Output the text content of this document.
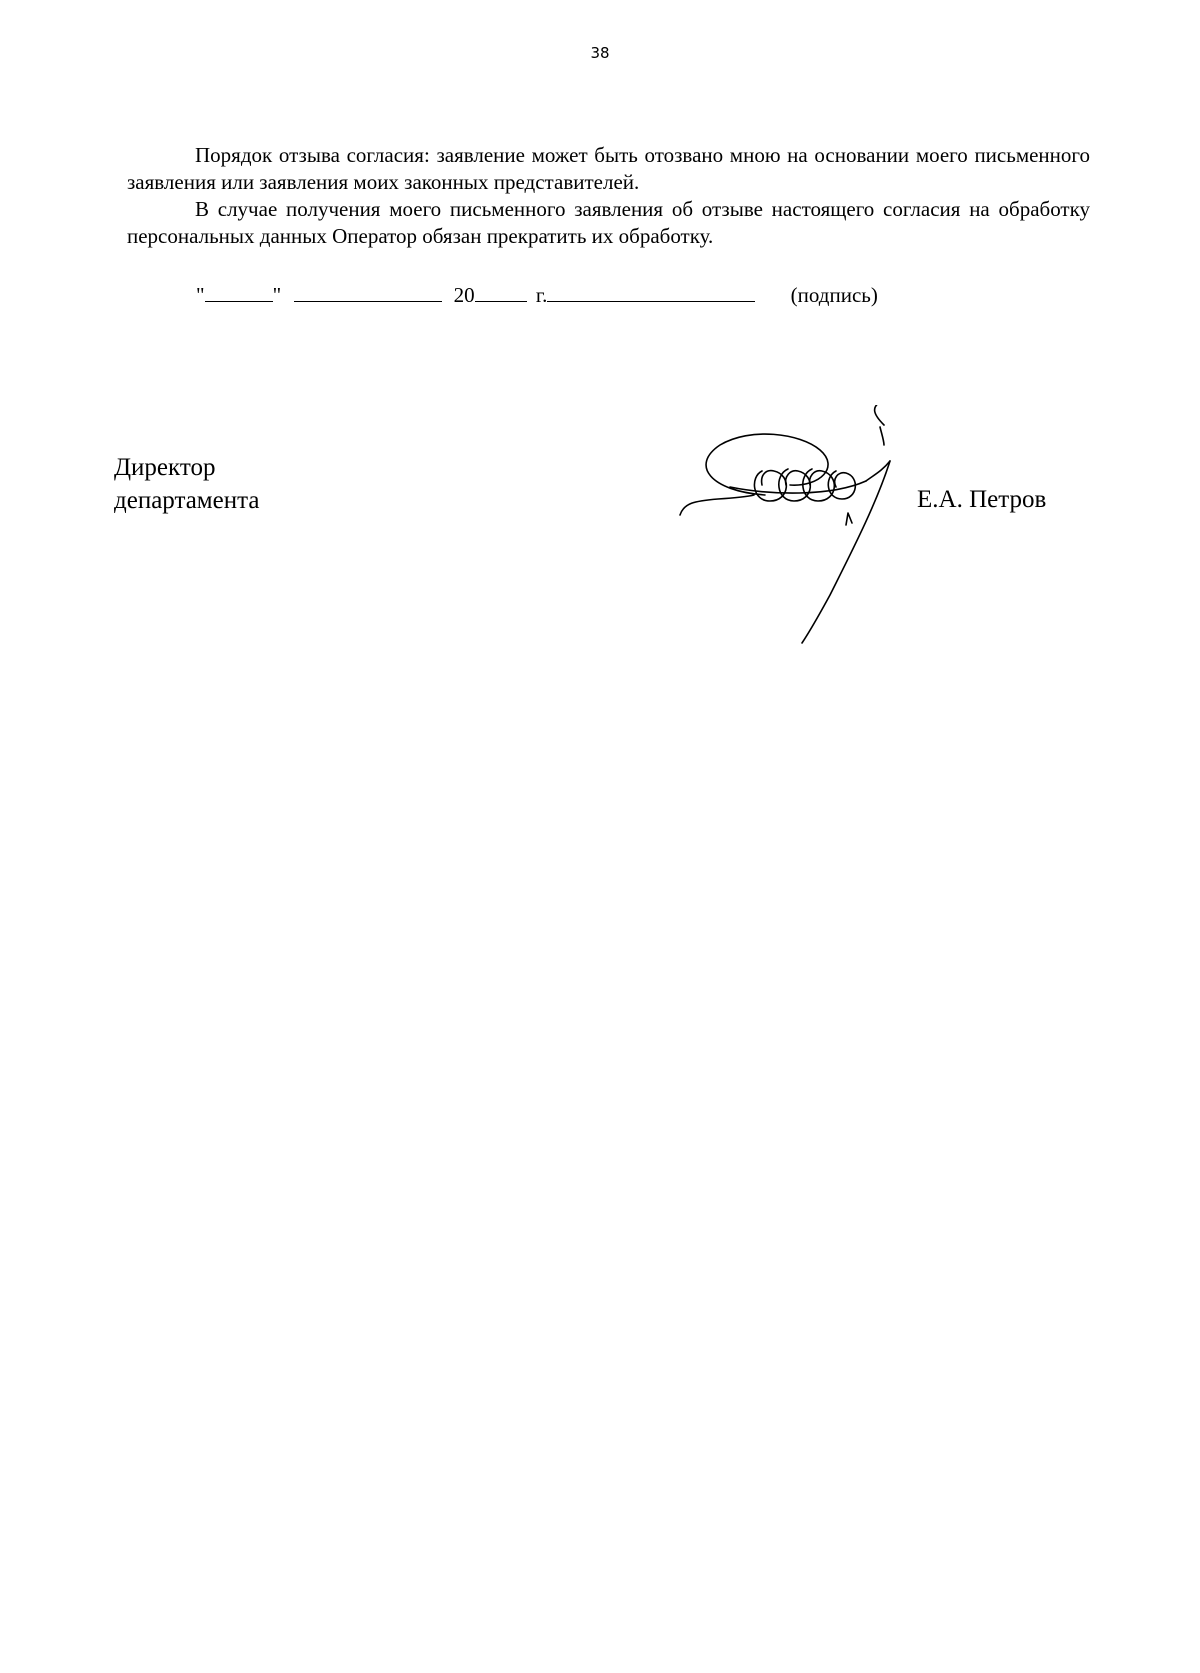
38

Порядок отзыва согласия: заявление может быть отозвано мною на основании моего письменного заявления или заявления моих законных представителей.

В случае получения моего письменного заявления об отзыве настоящего согласия на обработку персональных данных Оператор обязан прекратить их обработку.

"	"	20	г.	(подпись)
Директор
департамента	Е.А. Петров
